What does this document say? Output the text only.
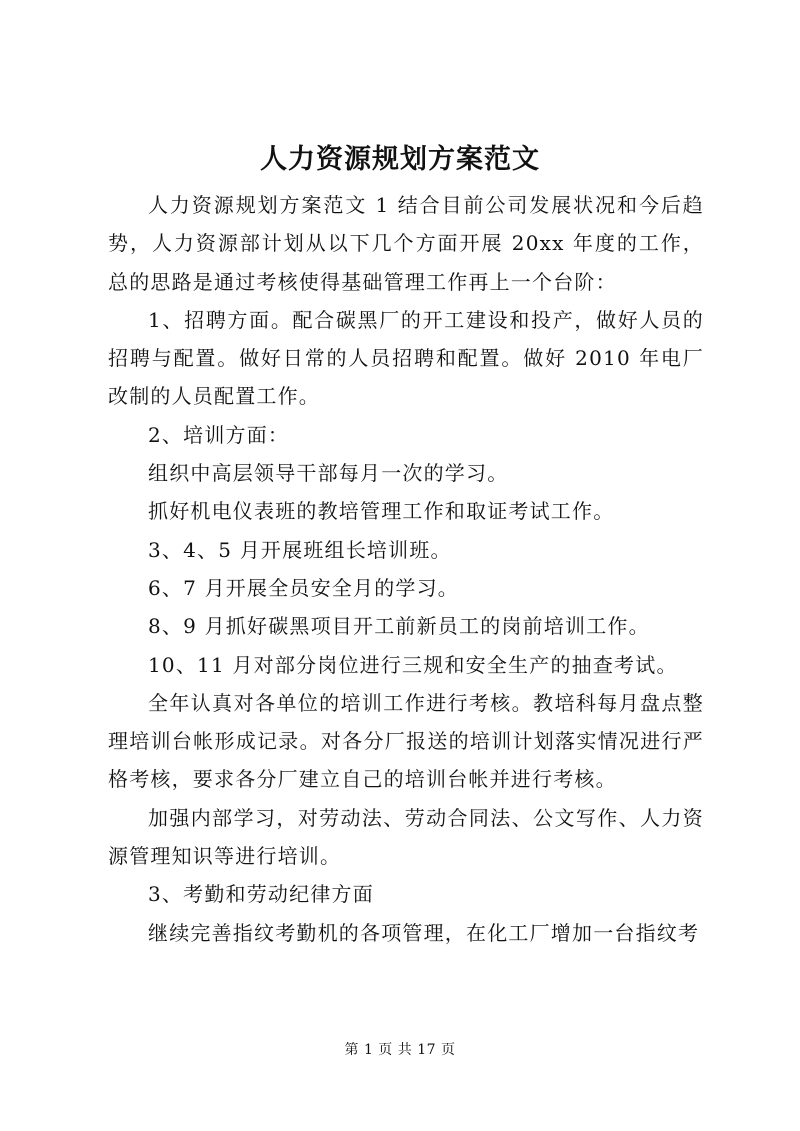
人力资源规划方案范文

人力资源规划方案范文 1 结合目前公司发展状况和今后趋势，人力资源部计划从以下几个方面开展 20xx 年度的工作，总的思路是通过考核使得基础管理工作再上一个台阶：

1、招聘方面。配合碳黑厂的开工建设和投产，做好人员的招聘与配置。做好日常的人员招聘和配置。做好 2010 年电厂改制的人员配置工作。

2、培训方面：

组织中高层领导干部每月一次的学习。

抓好机电仪表班的教培管理工作和取证考试工作。

3、4、5 月开展班组长培训班。

6、7 月开展全员安全月的学习。

8、9 月抓好碳黑项目开工前新员工的岗前培训工作。

10、11 月对部分岗位进行三规和安全生产的抽查考试。

全年认真对各单位的培训工作进行考核。教培科每月盘点整理培训台帐形成记录。对各分厂报送的培训计划落实情况进行严格考核，要求各分厂建立自己的培训台帐并进行考核。

加强内部学习，对劳动法、劳动合同法、公文写作、人力资源管理知识等进行培训。

3、考勤和劳动纪律方面

继续完善指纹考勤机的各项管理，在化工厂增加一台指纹考

第 1 页 共 17 页
